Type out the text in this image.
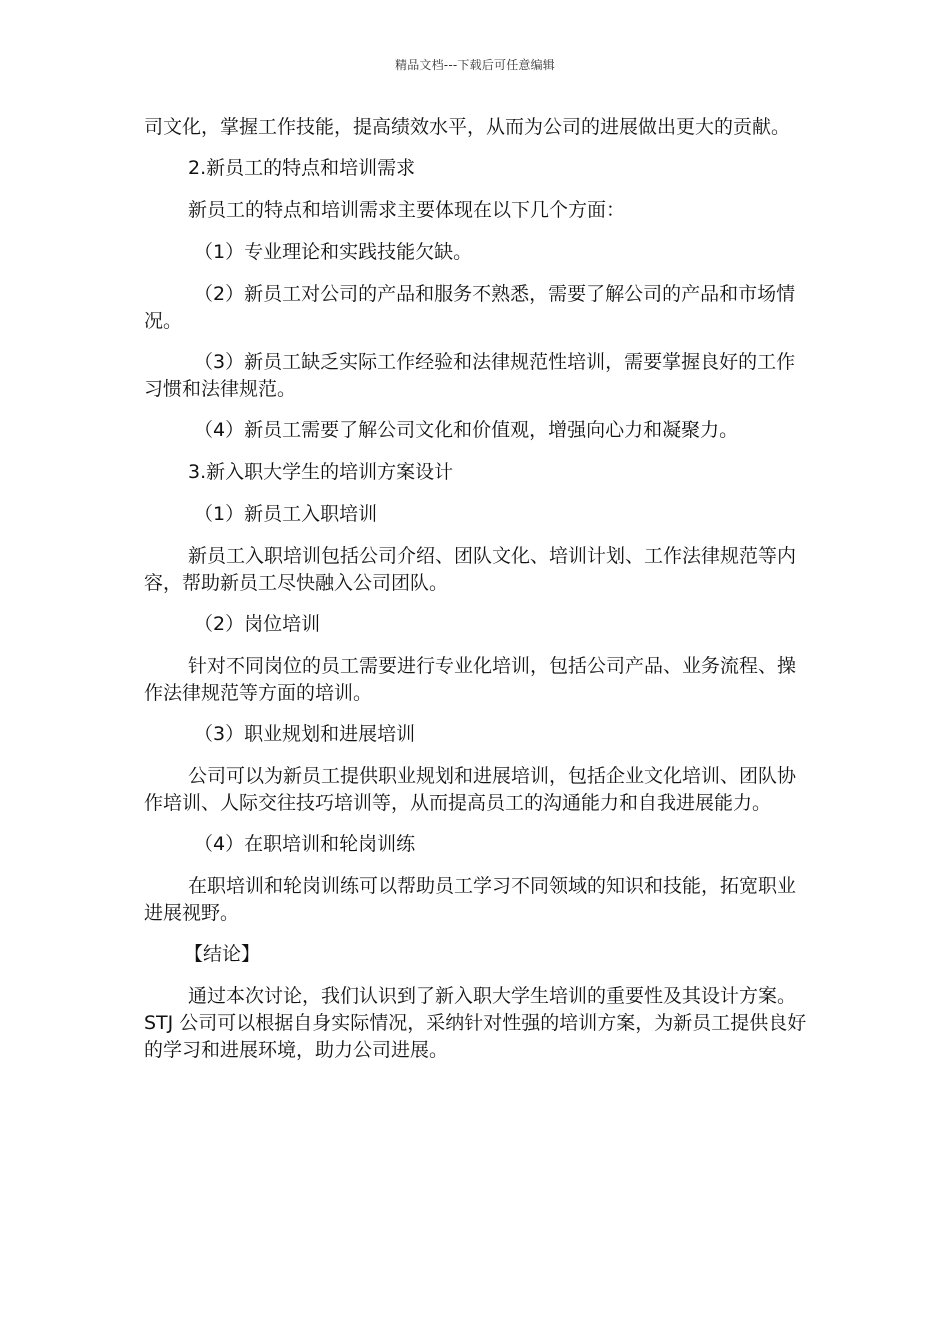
精品文档---下载后可任意编辑

司文化，掌握工作技能，提高绩效水平，从而为公司的进展做出更大的贡献。

2.新员工的特点和培训需求

新员工的特点和培训需求主要体现在以下几个方面：

（1）专业理论和实践技能欠缺。

（2）新员工对公司的产品和服务不熟悉，需要了解公司的产品和市场情况。

（3）新员工缺乏实际工作经验和法律规范性培训，需要掌握良好的工作习惯和法律规范。

（4）新员工需要了解公司文化和价值观，增强向心力和凝聚力。

3.新入职大学生的培训方案设计

（1）新员工入职培训

新员工入职培训包括公司介绍、团队文化、培训计划、工作法律规范等内容，帮助新员工尽快融入公司团队。

（2）岗位培训

针对不同岗位的员工需要进行专业化培训，包括公司产品、业务流程、操作法律规范等方面的培训。

（3）职业规划和进展培训

公司可以为新员工提供职业规划和进展培训，包括企业文化培训、团队协作培训、人际交往技巧培训等，从而提高员工的沟通能力和自我进展能力。

（4）在职培训和轮岗训练

在职培训和轮岗训练可以帮助员工学习不同领域的知识和技能，拓宽职业进展视野。

【结论】

通过本次讨论，我们认识到了新入职大学生培训的重要性及其设计方案。STJ 公司可以根据自身实际情况，采纳针对性强的培训方案，为新员工提供良好的学习和进展环境，助力公司进展。
